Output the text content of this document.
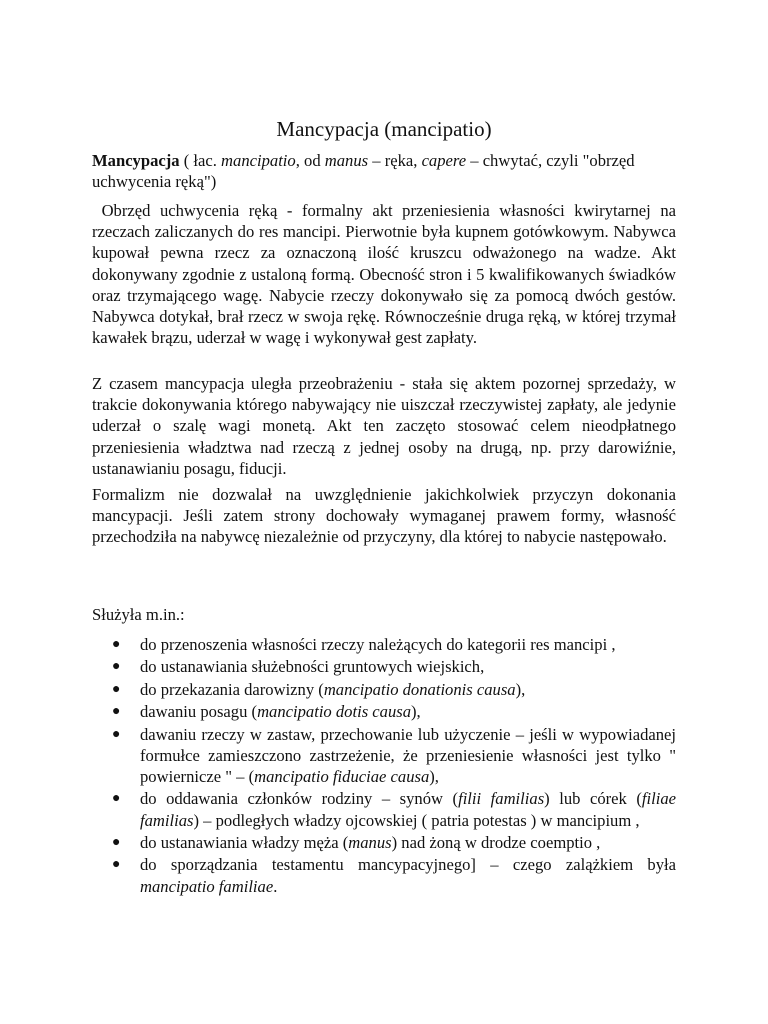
Mancypacja (mancipatio)

Mancypacja ( łac. mancipatio, od manus – ręka, capere – chwytać, czyli "obrzęd uchwycenia ręką")

Obrzęd uchwycenia ręką - formalny akt przeniesienia własności kwirytarnej na rzeczach zaliczanych do res mancipi. Pierwotnie była kupnem gotówkowym. Nabywca kupował pewna rzecz za oznaczoną ilość kruszcu odważonego na wadze. Akt dokonywany zgodnie z ustaloną formą. Obecność stron i 5 kwalifikowanych świadków oraz trzymającego wagę. Nabycie rzeczy dokonywało się za pomocą dwóch gestów. Nabywca dotykał, brał rzecz w swoja rękę. Równocześnie druga ręką, w której trzymał kawałek brązu, uderzał w wagę i wykonywał gest zapłaty.

Z czasem mancypacja uległa przeobrażeniu - stała się aktem pozornej sprzedaży, w trakcie dokonywania którego nabywający nie uiszczał rzeczywistej zapłaty, ale jedynie uderzał o szalę wagi monetą. Akt ten zaczęto stosować celem nieodpłatnego przeniesienia władztwa nad rzeczą z jednej osoby na drugą, np. przy darowiźnie, ustanawianiu posagu, fiducji.

Formalizm nie dozwalał na uwzględnienie jakichkolwiek przyczyn dokonania mancypacji. Jeśli zatem strony dochowały wymaganej prawem formy, własność przechodziła na nabywcę niezależnie od przyczyny, dla której to nabycie następowało.

Służyła m.in.:

● do przenoszenia własności rzeczy należących do kategorii res mancipi ,
● do ustanawiania służebności gruntowych wiejskich,
● do przekazania darowizny (mancipatio donationis causa),
● dawaniu posagu (mancipatio dotis causa),
● dawaniu rzeczy w zastaw, przechowanie lub użyczenie – jeśli w wypowiadanej formułce zamieszczono zastrzeżenie, że przeniesienie własności jest tylko " powiernicze " – (mancipatio fiduciae causa),
● do oddawania członków rodziny – synów (filii familias) lub córek (filiae familias) – podległych władzy ojcowskiej ( patria potestas ) w mancipium ,
● do ustanawiania władzy męża (manus) nad żoną w drodze coemptio ,
● do sporządzania testamentu mancypacyjnego] – czego zalążkiem była mancipatio familiae.
